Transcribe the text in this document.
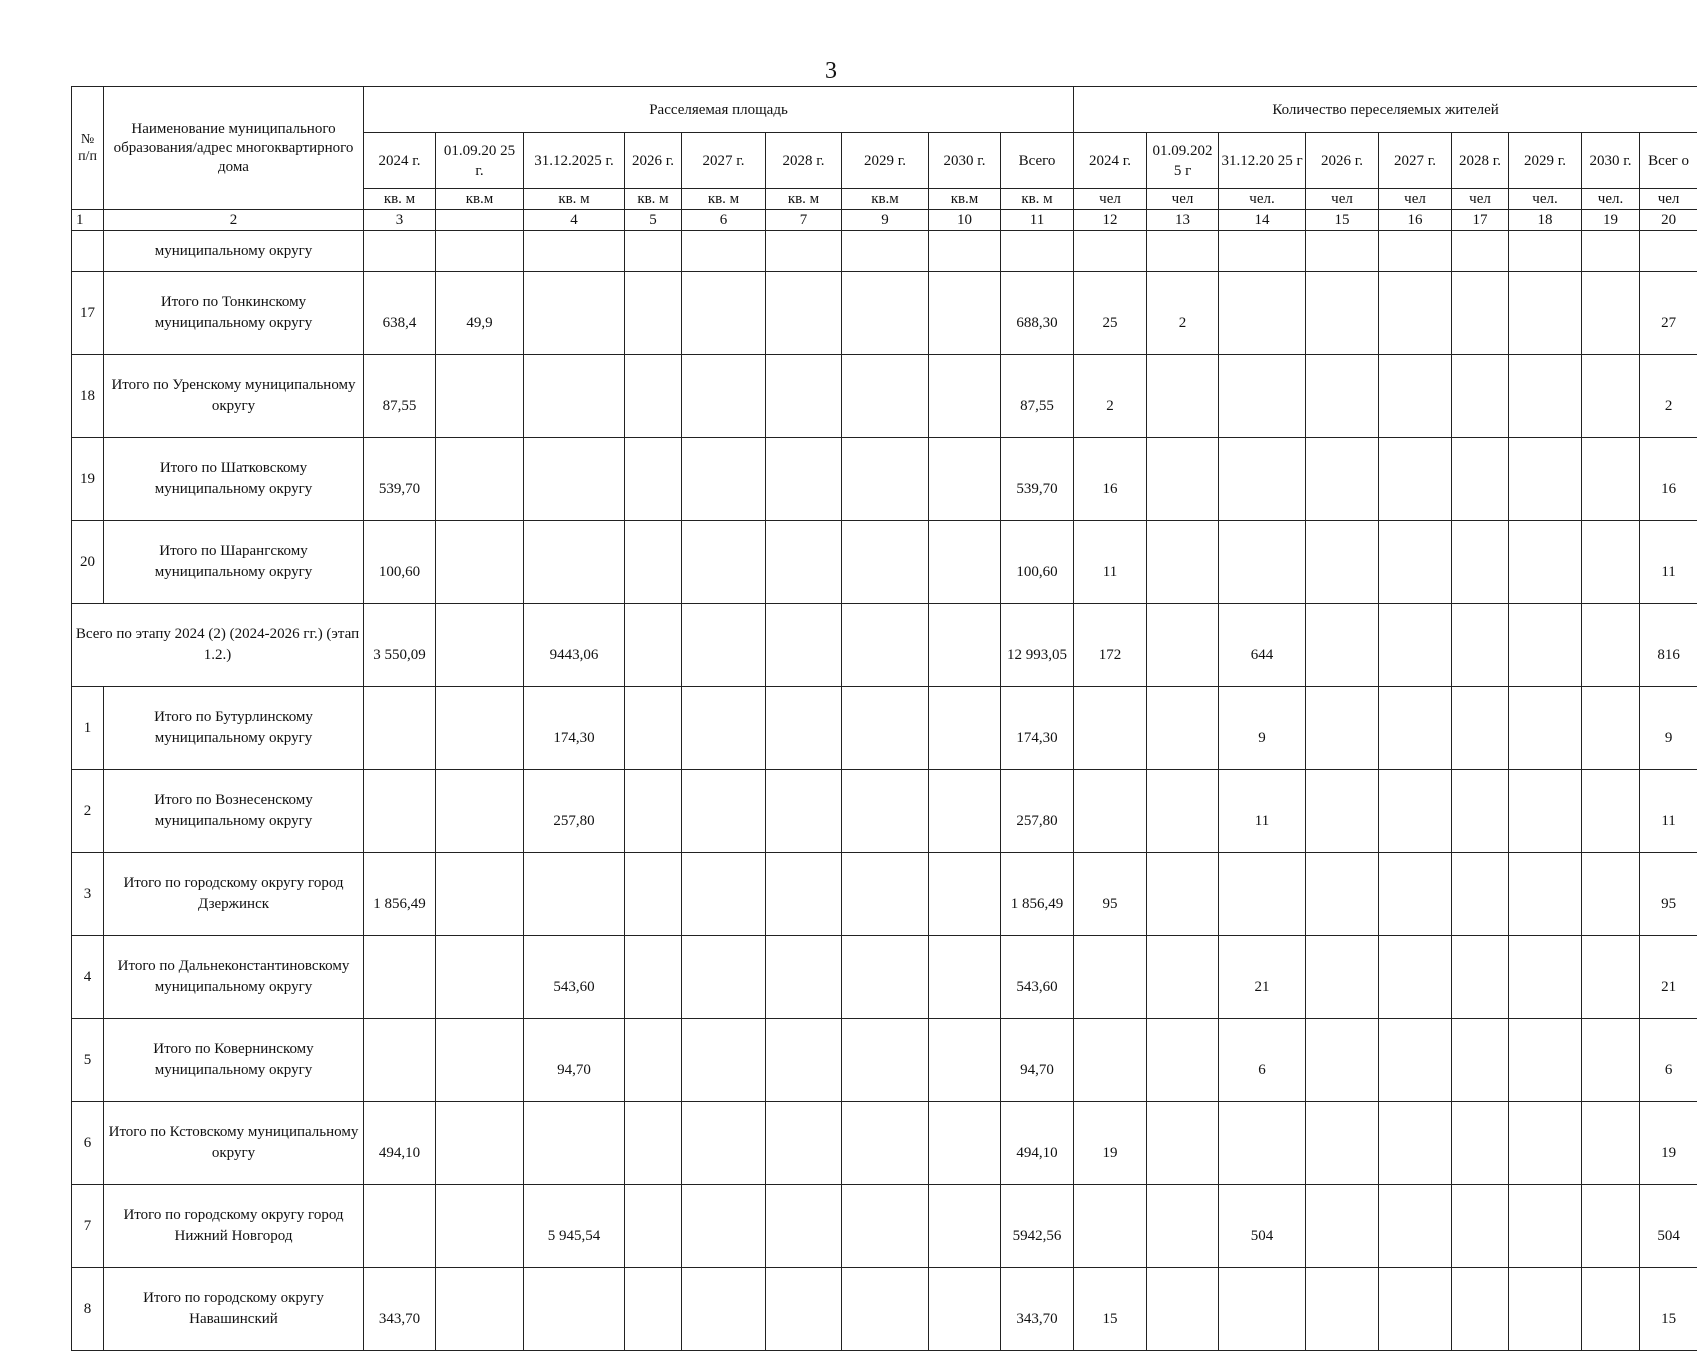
3
№ п/п	Наименование муниципального образования/адрес многоквартирного дома	Расселяемая площадь									Количество переселяемых жителей								
		2024 г.	01.09.20 25 г.	31.12.2025 г.	2026 г.	2027 г.	2028 г.	2029 г.	2030 г.	Всего	2024 г.	01.09.202 5 г	31.12.20 25 г	2026 г.	2027 г.	2028 г.	2029 г.	2030 г.	Всег о
		кв. м	кв.м	кв. м	кв. м	кв. м	кв. м	кв.м	кв.м	кв. м	чел	чел	чел.	чел	чел	чел	чел.	чел.	чел
1	2	3		4	5	6	7	9	10	11	12	13	14	15	16	17	18	19	20
	муниципальному округу																		
17	Итого по Тонкинскому муниципальному округу	638,4	49,9							688,30	25	2							27
18	Итого по Уренскому муниципальному округу	87,55								87,55	2								2
19	Итого по Шатковскому муниципальному округу	539,70								539,70	16								16
20	Итого по Шарангскому муниципальному округу	100,60								100,60	11								11
Всего по этапу 2024 (2) (2024-2026 гг.) (этап 1.2.)		3 550,09		9443,06						12 993,05	172		644						816
1	Итого по Бутурлинскому муниципальному округу			174,30						174,30			9						9
2	Итого по Вознесенскому муниципальному округу			257,80						257,80			11						11
3	Итого по городскому округу город Дзержинск	1 856,49								1 856,49	95								95
4	Итого по Дальнеконстантиновскому муниципальному округу			543,60						543,60			21						21
5	Итого по Ковернинскому муниципальному округу			94,70						94,70			6						6
6	Итого по Кстовскому муниципальному округу	494,10								494,10	19								19
7	Итого по городскому округу город Нижний Новгород			5 945,54						5942,56			504						504
8	Итого по городскому округу Навашинский	343,70								343,70	15								15
